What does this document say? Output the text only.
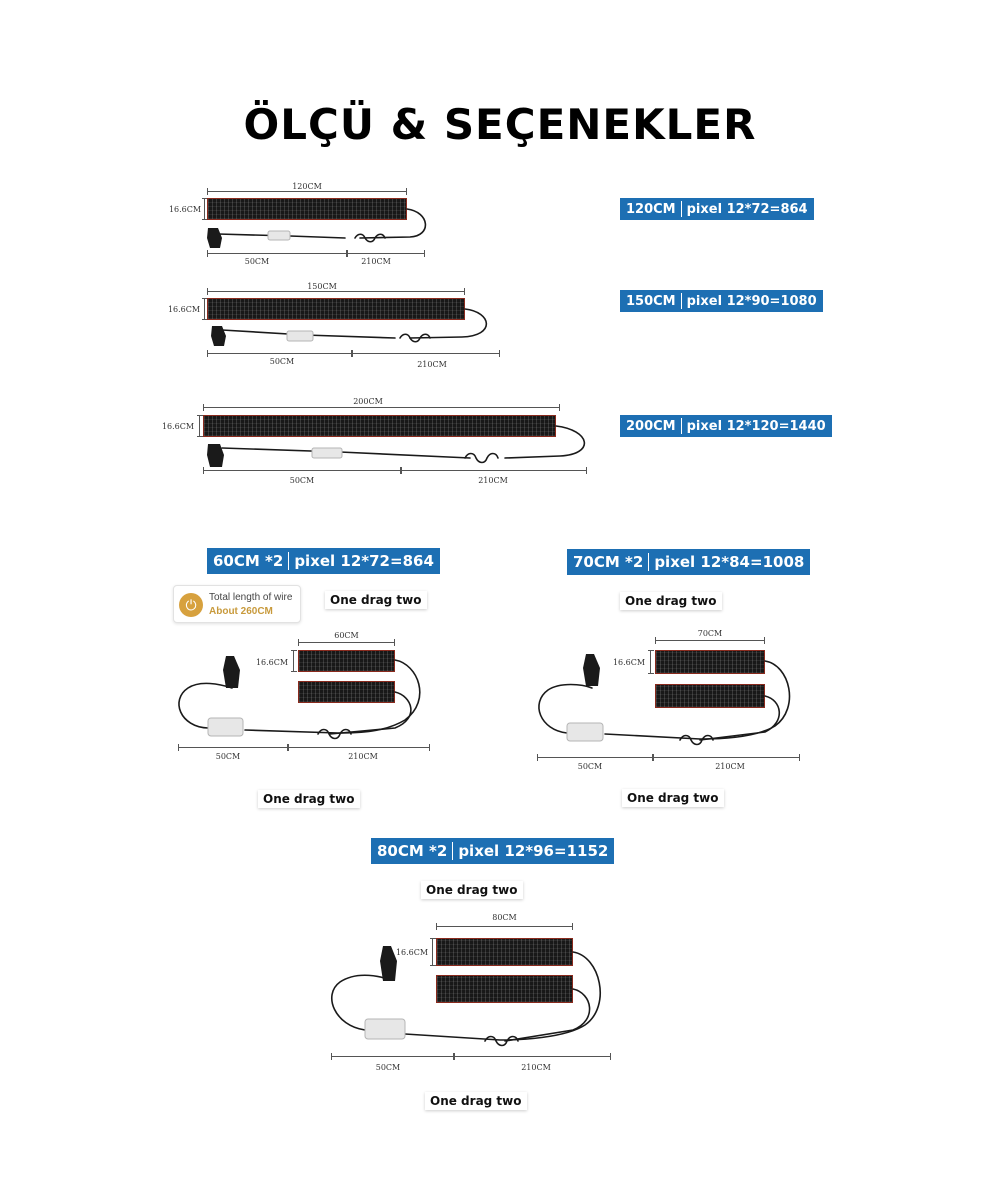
ÖLÇÜ & SEÇENEKLER
120CM
16.6CM
50CM	210CM
120CM pixel 12*72=864
150CM
16.6CM
50CM	210CM
150CM pixel 12*90=1080
200CM
16.6CM
50CM	210CM
200CM pixel 12*120=1440
60CM *2 pixel 12*72=864
⏻	Total length of wire
About 260CM
One drag two
60CM
16.6CM
50CM	210CM
One drag two
70CM *2 pixel 12*84=1008
One drag two
70CM
16.6CM
50CM	210CM
One drag two
80CM *2 pixel 12*96=1152
One drag two
80CM
16.6CM
50CM	210CM
One drag two
